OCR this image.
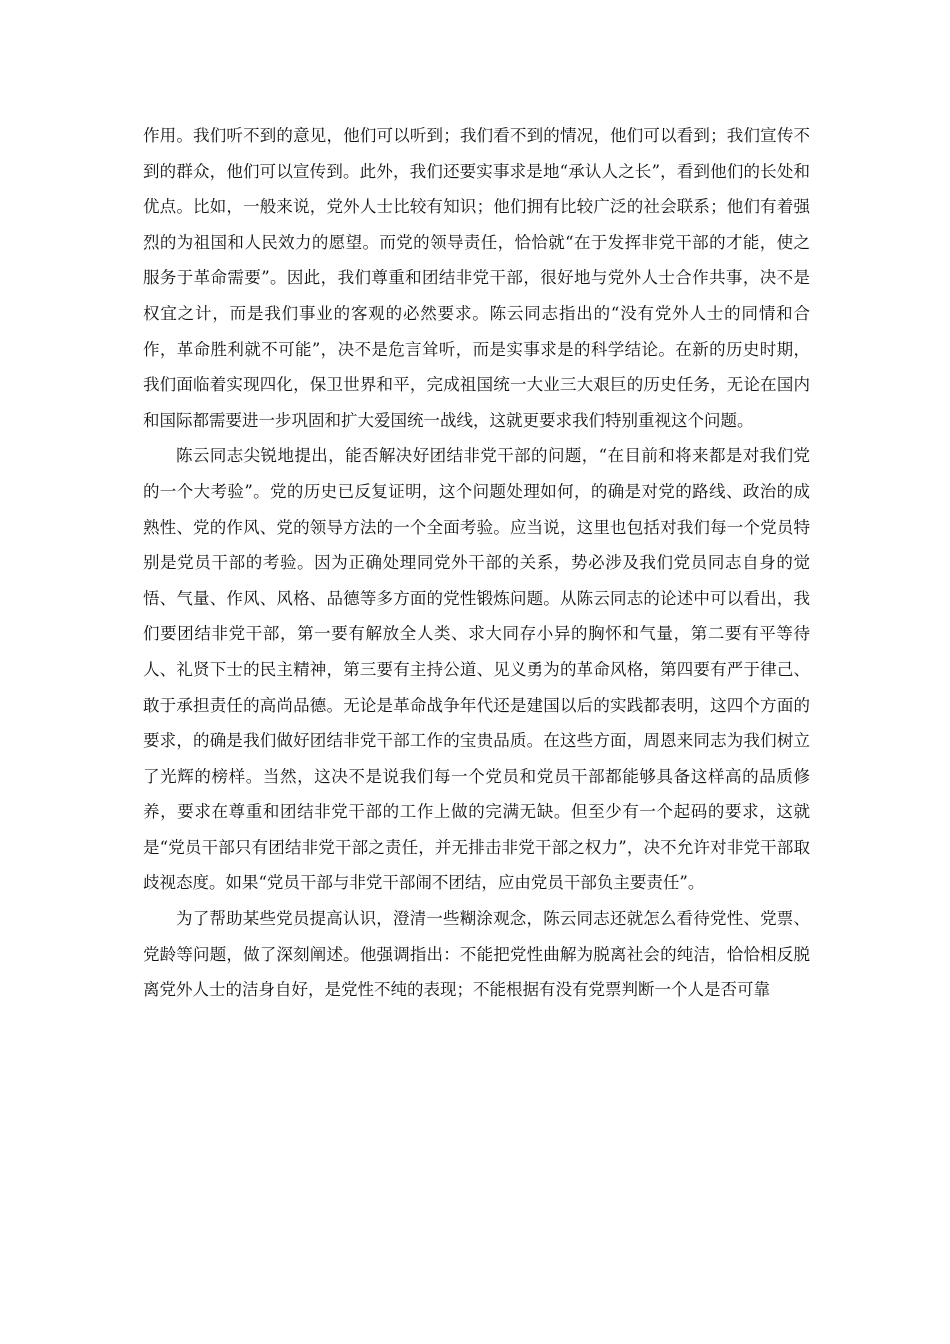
作用。我们听不到的意见，他们可以听到；我们看不到的情况，他们可以看到；我们宣传不到的群众，他们可以宣传到。此外，我们还要实事求是地“承认人之长”，看到他们的长处和优点。比如，一般来说，党外人士比较有知识；他们拥有比较广泛的社会联系；他们有着强烈的为祖国和人民效力的愿望。而党的领导责任，恰恰就“在于发挥非党干部的才能，使之服务于革命需要”。因此，我们尊重和团结非党干部，很好地与党外人士合作共事，决不是权宜之计，而是我们事业的客观的必然要求。陈云同志指出的“没有党外人士的同情和合作，革命胜利就不可能”，决不是危言耸听，而是实事求是的科学结论。在新的历史时期，我们面临着实现四化，保卫世界和平，完成祖国统一大业三大艰巨的历史任务，无论在国内和国际都需要进一步巩固和扩大爱国统一战线，这就更要求我们特别重视这个问题。

陈云同志尖锐地提出，能否解决好团结非党干部的问题，“在目前和将来都是对我们党的一个大考验”。党的历史已反复证明，这个问题处理如何，的确是对党的路线、政治的成熟性、党的作风、党的领导方法的一个全面考验。应当说，这里也包括对我们每一个党员特别是党员干部的考验。因为正确处理同党外干部的关系，势必涉及我们党员同志自身的觉悟、气量、作风、风格、品德等多方面的党性锻炼问题。从陈云同志的论述中可以看出，我们要团结非党干部，第一要有解放全人类、求大同存小异的胸怀和气量，第二要有平等待人、礼贤下士的民主精神，第三要有主持公道、见义勇为的革命风格，第四要有严于律己、敢于承担责任的高尚品德。无论是革命战争年代还是建国以后的实践都表明，这四个方面的要求，的确是我们做好团结非党干部工作的宝贵品质。在这些方面，周恩来同志为我们树立了光辉的榜样。当然，这决不是说我们每一个党员和党员干部都能够具备这样高的品质修养，要求在尊重和团结非党干部的工作上做的完满无缺。但至少有一个起码的要求，这就是“党员干部只有团结非党干部之责任，并无排击非党干部之权力”，决不允许对非党干部取歧视态度。如果“党员干部与非党干部闹不团结，应由党员干部负主要责任”。

为了帮助某些党员提高认识，澄清一些糊涂观念，陈云同志还就怎么看待党性、党票、党龄等问题，做了深刻阐述。他强调指出：不能把党性曲解为脱离社会的纯洁，恰恰相反脱离党外人士的洁身自好，是党性不纯的表现；不能根据有没有党票判断一个人是否可靠
